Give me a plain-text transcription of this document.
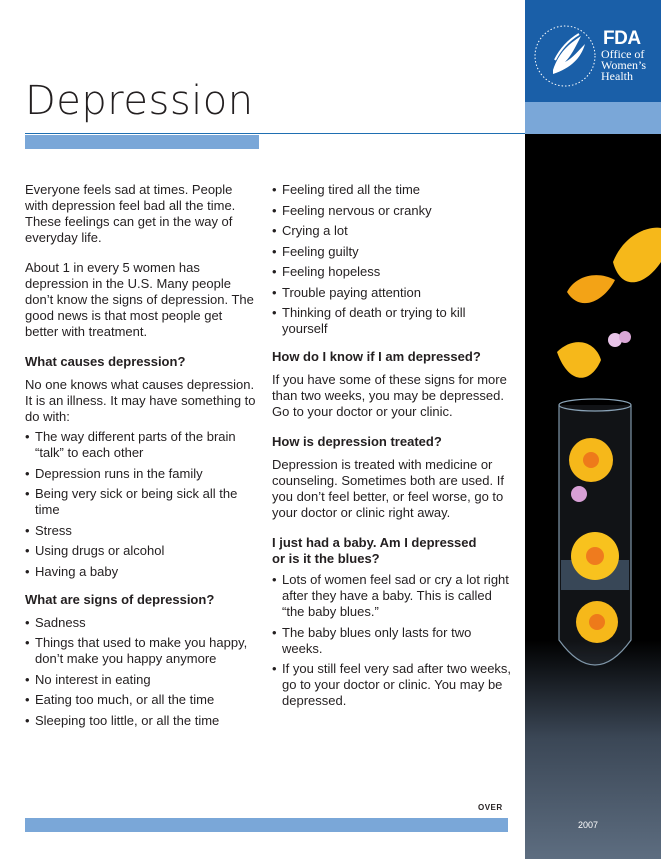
Depression

Everyone feels sad at times. People with depression feel bad all the time. These feelings can get in the way of everyday life.

About 1 in every 5 women has depression in the U.S. Many people don’t know the signs of depression. The good news is that most people get better with treatment.

What causes depression?

No one knows what causes depression. It is an illness. It may have something to do with:

• The way different parts of the brain “talk” to each other
• Depression runs in the family
• Being very sick or being sick all the time
• Stress
• Using drugs or alcohol
• Having a baby
What are signs of depression?
• Sadness
• Things that used to make you happy, don’t make you happy anymore
• No interest in eating
• Eating too much, or all the time
• Sleeping too little, or all the time
• Feeling tired all the time
• Feeling nervous or cranky
• Crying a lot
• Feeling guilty
• Feeling hopeless
• Trouble paying attention
• Thinking of death or trying to kill yourself
How do I know if I am depressed?

If you have some of these signs for more than two weeks, you may be depressed. Go to your doctor or your clinic.

How is depression treated?

Depression is treated with medicine or counseling. Sometimes both are used. If you don’t feel better, or feel worse, go to your doctor or clinic right away.

I just had a baby. Am I depressed
or is it the blues?
• Lots of women feel sad or cry a lot right after they have a baby. This is called “the baby blues.”
• The baby blues only lasts for two weeks.
• If you still feel very sad after two weeks, go to your doctor or clinic. You may be depressed.
OVER
FDA
Office of
Women’s
Health
2007
